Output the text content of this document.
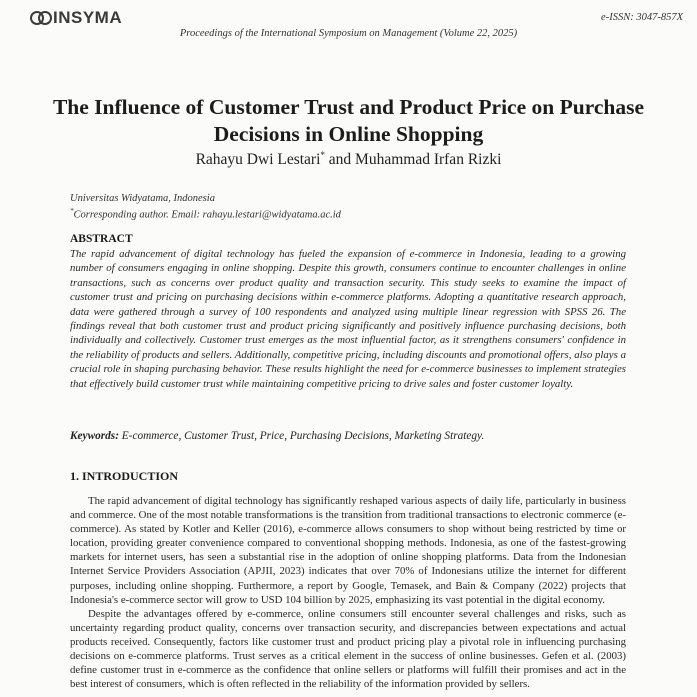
INSYMA	e-ISSN: 3047-857X
Proceedings of the International Symposium on Management (Volume 22, 2025)
The Influence of Customer Trust and Product Price on Purchase Decisions in Online Shopping
Rahayu Dwi Lestari* and Muhammad Irfan Rizki
Universitas Widyatama, Indonesia
*Corresponding author. Email: rahayu.lestari@widyatama.ac.id
ABSTRACT
The rapid advancement of digital technology has fueled the expansion of e-commerce in Indonesia, leading to a growing number of consumers engaging in online shopping. Despite this growth, consumers continue to encounter challenges in online transactions, such as concerns over product quality and transaction security. This study seeks to examine the impact of customer trust and pricing on purchasing decisions within e-commerce platforms. Adopting a quantitative research approach, data were gathered through a survey of 100 respondents and analyzed using multiple linear regression with SPSS 26. The findings reveal that both customer trust and product pricing significantly and positively influence purchasing decisions, both individually and collectively. Customer trust emerges as the most influential factor, as it strengthens consumers' confidence in the reliability of products and sellers. Additionally, competitive pricing, including discounts and promotional offers, also plays a crucial role in shaping purchasing behavior. These results highlight the need for e-commerce businesses to implement strategies that effectively build customer trust while maintaining competitive pricing to drive sales and foster customer loyalty.
Keywords: E-commerce, Customer Trust, Price, Purchasing Decisions, Marketing Strategy.
1. INTRODUCTION

The rapid advancement of digital technology has significantly reshaped various aspects of daily life, particularly in business and commerce. One of the most notable transformations is the transition from traditional transactions to electronic commerce (e-commerce). As stated by Kotler and Keller (2016), e-commerce allows consumers to shop without being restricted by time or location, providing greater convenience compared to conventional shopping methods. Indonesia, as one of the fastest-growing markets for internet users, has seen a substantial rise in the adoption of online shopping platforms. Data from the Indonesian Internet Service Providers Association (APJII, 2023) indicates that over 70% of Indonesians utilize the internet for different purposes, including online shopping. Furthermore, a report by Google, Temasek, and Bain & Company (2022) projects that Indonesia's e-commerce sector will grow to USD 104 billion by 2025, emphasizing its vast potential in the digital economy.

Despite the advantages offered by e-commerce, online consumers still encounter several challenges and risks, such as uncertainty regarding product quality, concerns over transaction security, and discrepancies between expectations and actual products received. Consequently, factors like customer trust and product pricing play a pivotal role in influencing purchasing decisions on e-commerce platforms. Trust serves as a critical element in the success of online businesses. Gefen et al. (2003) define customer trust in e-commerce as the confidence that online sellers or platforms will fulfill their promises and act in the best interest of consumers, which is often reflected in the reliability of the information provided by sellers.
